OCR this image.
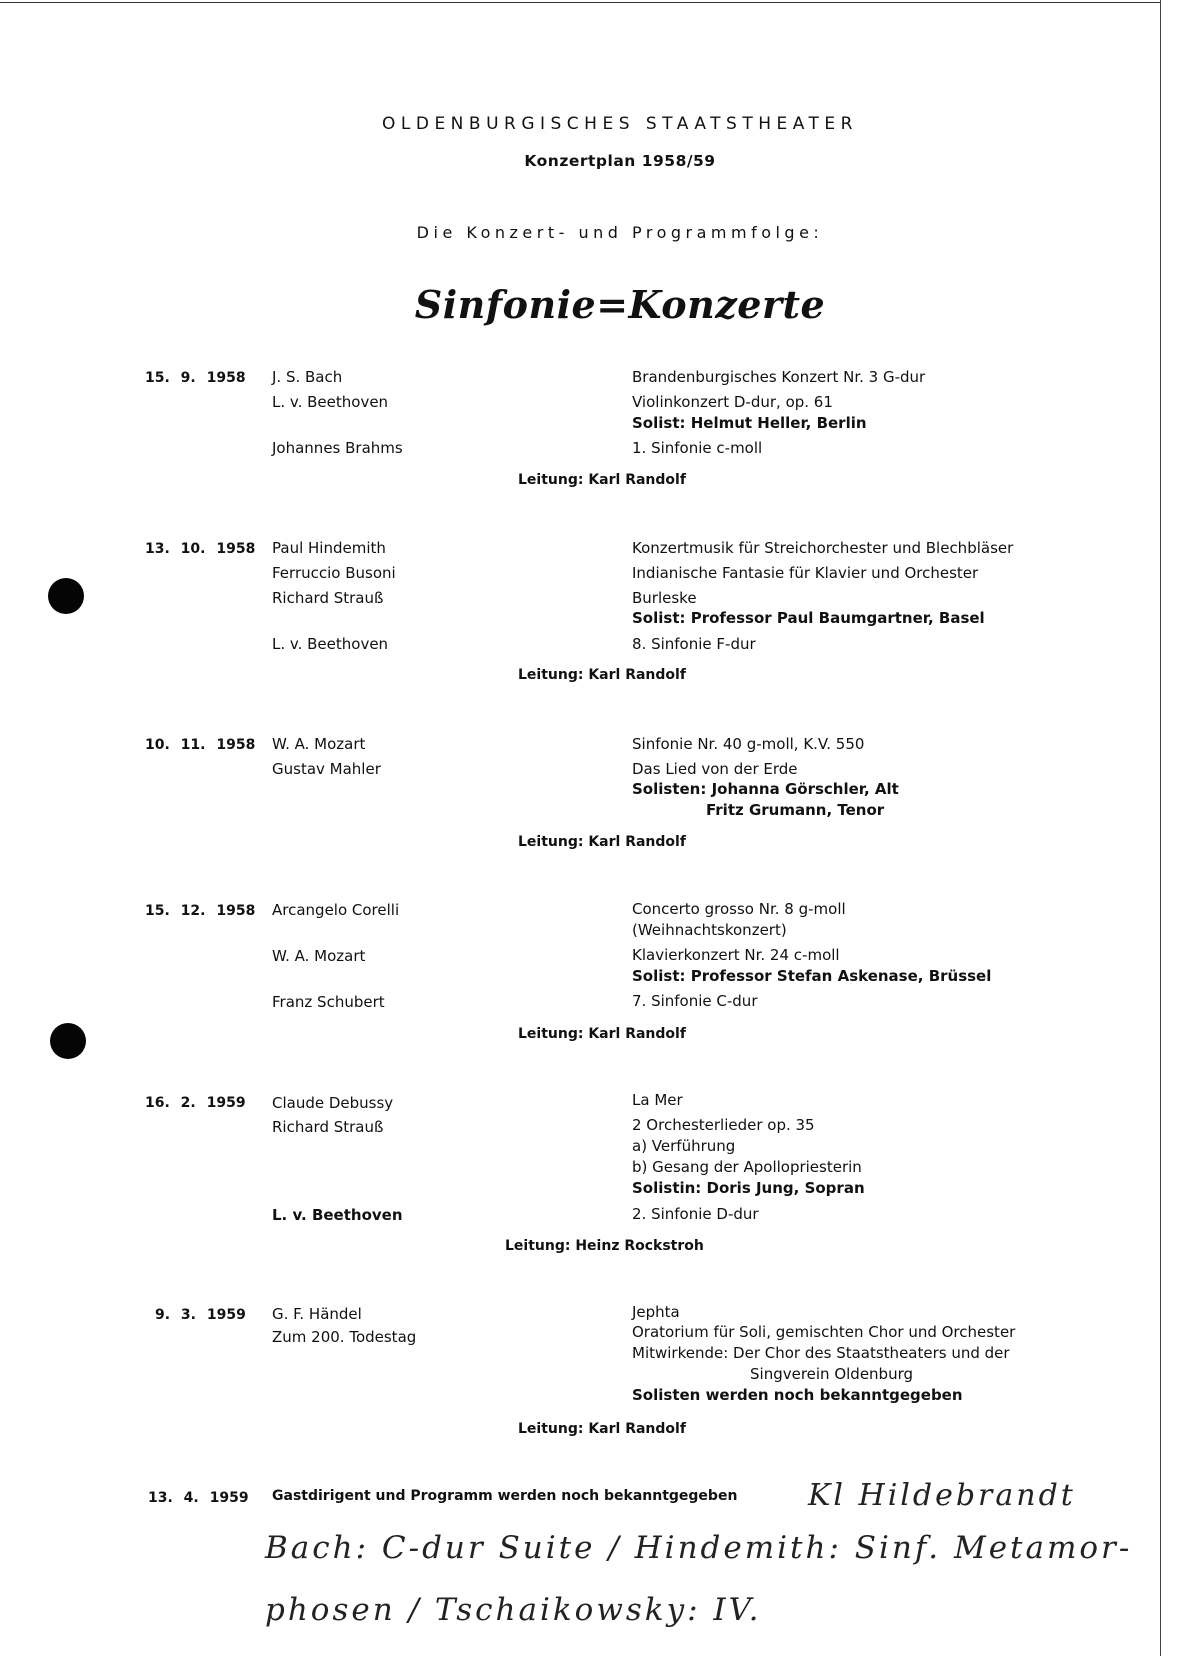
OLDENBURGISCHES STAATSTHEATER
Konzertplan 1958/59
Die Konzert- und Programmfolge:
Sinfonie=Konzerte
15. 9. 1958 J. S. Bach	Brandenburgisches Konzert Nr. 3 G-dur
L. v. Beethoven	Violinkonzert D-dur, op. 61
Solist: Helmut Heller, Berlin
Johannes Brahms	1. Sinfonie c-moll
Leitung: Karl Randolf
13. 10. 1958 Paul Hindemith	Konzertmusik für Streichorchester und Blechbläser
Ferruccio Busoni	Indianische Fantasie für Klavier und Orchester
Richard Strauß	Burleske
Solist: Professor Paul Baumgartner, Basel
L. v. Beethoven	8. Sinfonie F-dur
Leitung: Karl Randolf
10. 11. 1958 W. A. Mozart	Sinfonie Nr. 40 g-moll, K.V. 550
Gustav Mahler	Das Lied von der Erde
Solisten: Johanna Görschler, Alt
Fritz Grumann, Tenor
Leitung: Karl Randolf
15. 12. 1958 Arcangelo Corelli	Concerto grosso Nr. 8 g-moll
(Weihnachtskonzert)
W. A. Mozart	Klavierkonzert Nr. 24 c-moll
Solist: Professor Stefan Askenase, Brüssel
Franz Schubert	7. Sinfonie C-dur
Leitung: Karl Randolf
16. 2. 1959 Claude Debussy	La Mer
Richard Strauß	2 Orchesterlieder op. 35
a) Verführung
b) Gesang der Apollopriesterin
Solistin: Doris Jung, Sopran
L. v. Beethoven	2. Sinfonie D-dur
Leitung: Heinz Rockstroh
9. 3. 1959 G. F. Händel	Jephta
Zum 200. Todestag	Oratorium für Soli, gemischten Chor und Orchester
Mitwirkende: Der Chor des Staatstheaters und der
Singverein Oldenburg
Solisten werden noch bekanntgegeben
Leitung: Karl Randolf
13. 4. 1959 Gastdirigent und Programm werden noch bekanntgegeben Kl Hildebrandt
Bach: C-dur Suite / Hindemith: Sinf. Metamor-
phosen / Tschaikowsky: IV.
